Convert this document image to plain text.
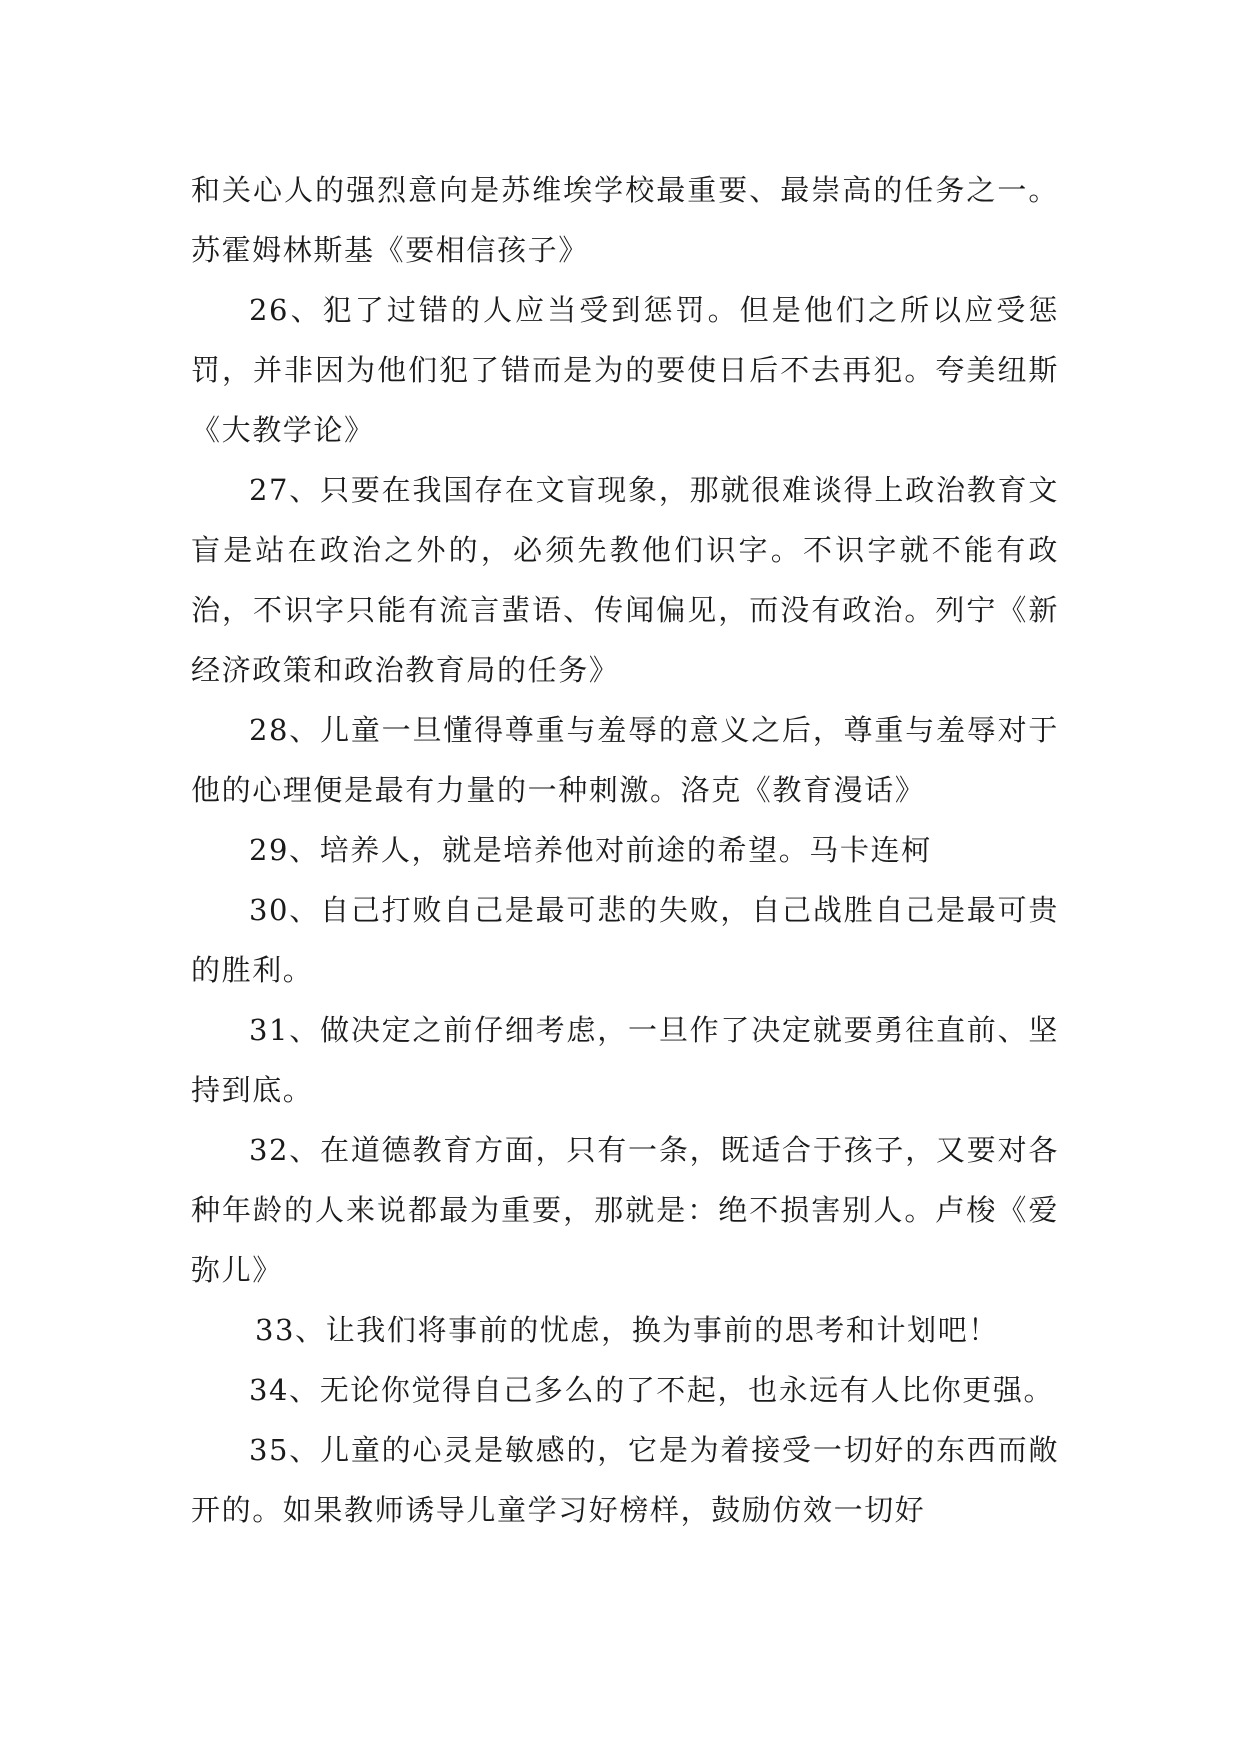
和关心人的强烈意向是苏维埃学校最重要、最崇高的任务之一。苏霍姆林斯基《要相信孩子》

26、犯了过错的人应当受到惩罚。但是他们之所以应受惩罚，并非因为他们犯了错而是为的要使日后不去再犯。夸美纽斯《大教学论》

27、只要在我国存在文盲现象，那就很难谈得上政治教育文盲是站在政治之外的，必须先教他们识字。不识字就不能有政治，不识字只能有流言蜚语、传闻偏见，而没有政治。列宁《新经济政策和政治教育局的任务》

28、儿童一旦懂得尊重与羞辱的意义之后，尊重与羞辱对于他的心理便是最有力量的一种刺激。洛克《教育漫话》

29、培养人，就是培养他对前途的希望。马卡连柯

30、自己打败自己是最可悲的失败，自己战胜自己是最可贵的胜利。

31、做决定之前仔细考虑，一旦作了决定就要勇往直前、坚持到底。

32、在道德教育方面，只有一条，既适合于孩子，又要对各种年龄的人来说都最为重要，那就是：绝不损害别人。卢梭《爱弥儿》

33、让我们将事前的忧虑，换为事前的思考和计划吧！

34、无论你觉得自己多么的了不起，也永远有人比你更强。

35、儿童的心灵是敏感的，它是为着接受一切好的东西而敞开的。如果教师诱导儿童学习好榜样，鼓励仿效一切好
